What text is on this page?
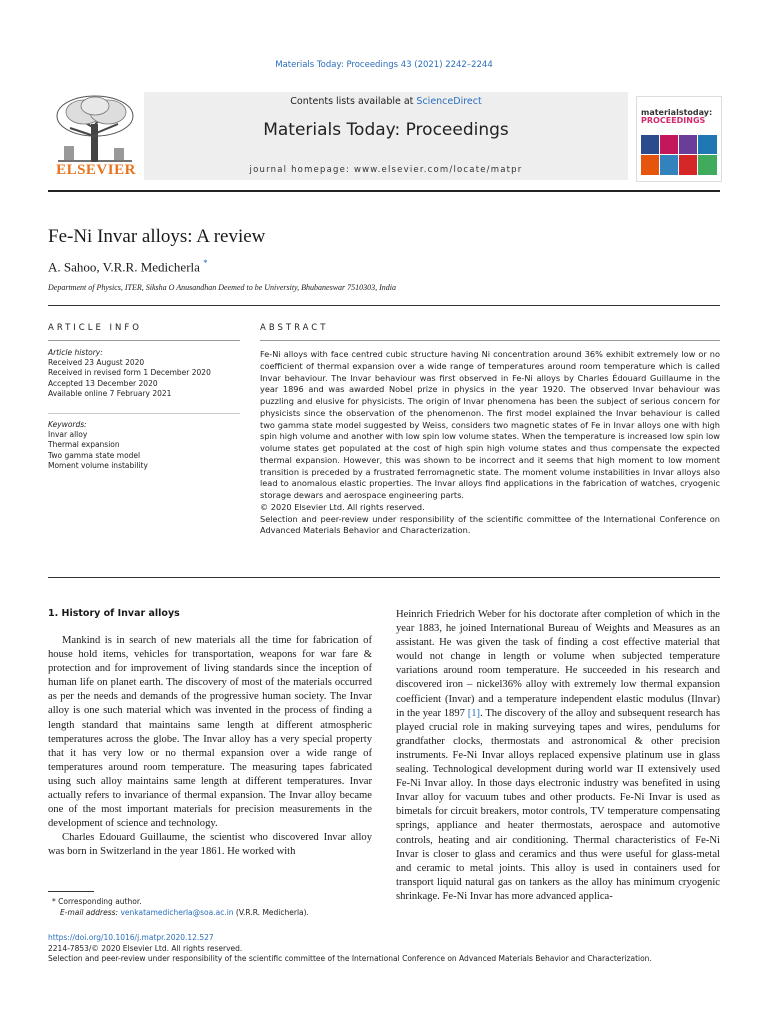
Materials Today: Proceedings 43 (2021) 2242–2244
ELSEVIER
Contents lists available at ScienceDirect
Materials Today: Proceedings
journal homepage: www.elsevier.com/locate/matpr
materialstoday:
PROCEEDINGS
Fe-Ni Invar alloys: A review
A. Sahoo, V.R.R. Medicherla *
Department of Physics, ITER, Siksha O Anusandhan Deemed to be University, Bhubaneswar 7510303, India
ARTICLE INFO	ABSTRACT
Article history:
Received 23 August 2020
Received in revised form 1 December 2020
Accepted 13 December 2020
Available online 7 February 2021
Keywords:
Invar alloy
Thermal expansion
Two gamma state model
Moment volume instability

Fe-Ni alloys with face centred cubic structure having Ni concentration around 36% exhibit extremely low or no coefficient of thermal expansion over a wide range of temperatures around room temperature which is called Invar behaviour. The Invar behaviour was first observed in Fe-Ni alloys by Charles Édouard Guillaume in the year 1896 and was awarded Nobel prize in physics in the year 1920. The observed Invar behaviour was puzzling and elusive for physicists. The origin of Invar phenomena has been the subject of serious concern for physicists since the observation of the phenomenon. The first model explained the Invar behaviour is called two gamma state model suggested by Weiss, considers two magnetic states of Fe in Invar alloys one with high spin high volume and another with low spin low volume states. When the temperature is increased low spin low volume states get populated at the cost of high spin high volume states and thus compensate the expected thermal expansion. However, this was shown to be incorrect and it seems that high moment to low moment transition is preceded by a frustrated ferromagnetic state. The moment volume instabilities in Invar alloys also lead to anomalous elastic properties. The Invar alloys find applications in the fabrication of watches, cryogenic storage dewars and aerospace engineering parts.

© 2020 Elsevier Ltd. All rights reserved.

Selection and peer-review under responsibility of the scientific committee of the International Conference on Advanced Materials Behavior and Characterization.

1. History of Invar alloys

Mankind is in search of new materials all the time for fabrication of house hold items, vehicles for transportation, weapons for war fare & protection and for improvement of living standards since the inception of human life on planet earth. The discovery of most of the materials occurred as per the needs and demands of the progressive human society. The Invar alloy is one such material which was invented in the process of finding a length standard that maintains same length at different atmospheric temperatures across the globe. The Invar alloy has a very special property that it has very low or no thermal expansion over a wide range of temperatures around room temperature. The measuring tapes fabricated using such alloy maintains same length at different temperatures. Invar actually refers to invariance of thermal expansion. The Invar alloy became one of the most important materials for precision measurements in the development of science and technology.

Charles Edouard Guillaume, the scientist who discovered Invar alloy was born in Switzerland in the year 1861. He worked with

Heinrich Friedrich Weber for his doctorate after completion of which in the year 1883, he joined International Bureau of Weights and Measures as an assistant. He was given the task of finding a cost effective material that would not change in length or volume when subjected temperature variations around room temperature. He succeeded in his research and discovered iron – nickel36% alloy with extremely low thermal expansion coefficient (Invar) and a temperature independent elastic modulus (Ilnvar) in the year 1897 [1]. The discovery of the alloy and subsequent research has played crucial role in making surveying tapes and wires, pendulums for grandfather clocks, thermostats and astronomical & other precision instruments. Fe-Ni Invar alloys replaced expensive platinum use in glass sealing. Technological development during world war II extensively used Fe-Ni Invar alloy. In those days electronic industry was benefited in using Invar alloy for vacuum tubes and other products. Fe-Ni Invar is used as bimetals for circuit breakers, motor controls, TV temperature compensating springs, appliance and heater thermostats, aerospace and automotive controls, heating and air conditioning. Thermal characteristics of Fe-Ni Invar is closer to glass and ceramics and thus were useful for glass-metal and ceramic to metal joints. This alloy is used in containers used for transport liquid natural gas on tankers as the alloy has minimum cryogenic shrinkage. Fe-Ni Invar has more advanced applica-

* Corresponding author.
E-mail address: venkatamedicherla@soa.ac.in (V.R.R. Medicherla).
https://doi.org/10.1016/j.matpr.2020.12.527
2214-7853/© 2020 Elsevier Ltd. All rights reserved.
Selection and peer-review under responsibility of the scientific committee of the International Conference on Advanced Materials Behavior and Characterization.
